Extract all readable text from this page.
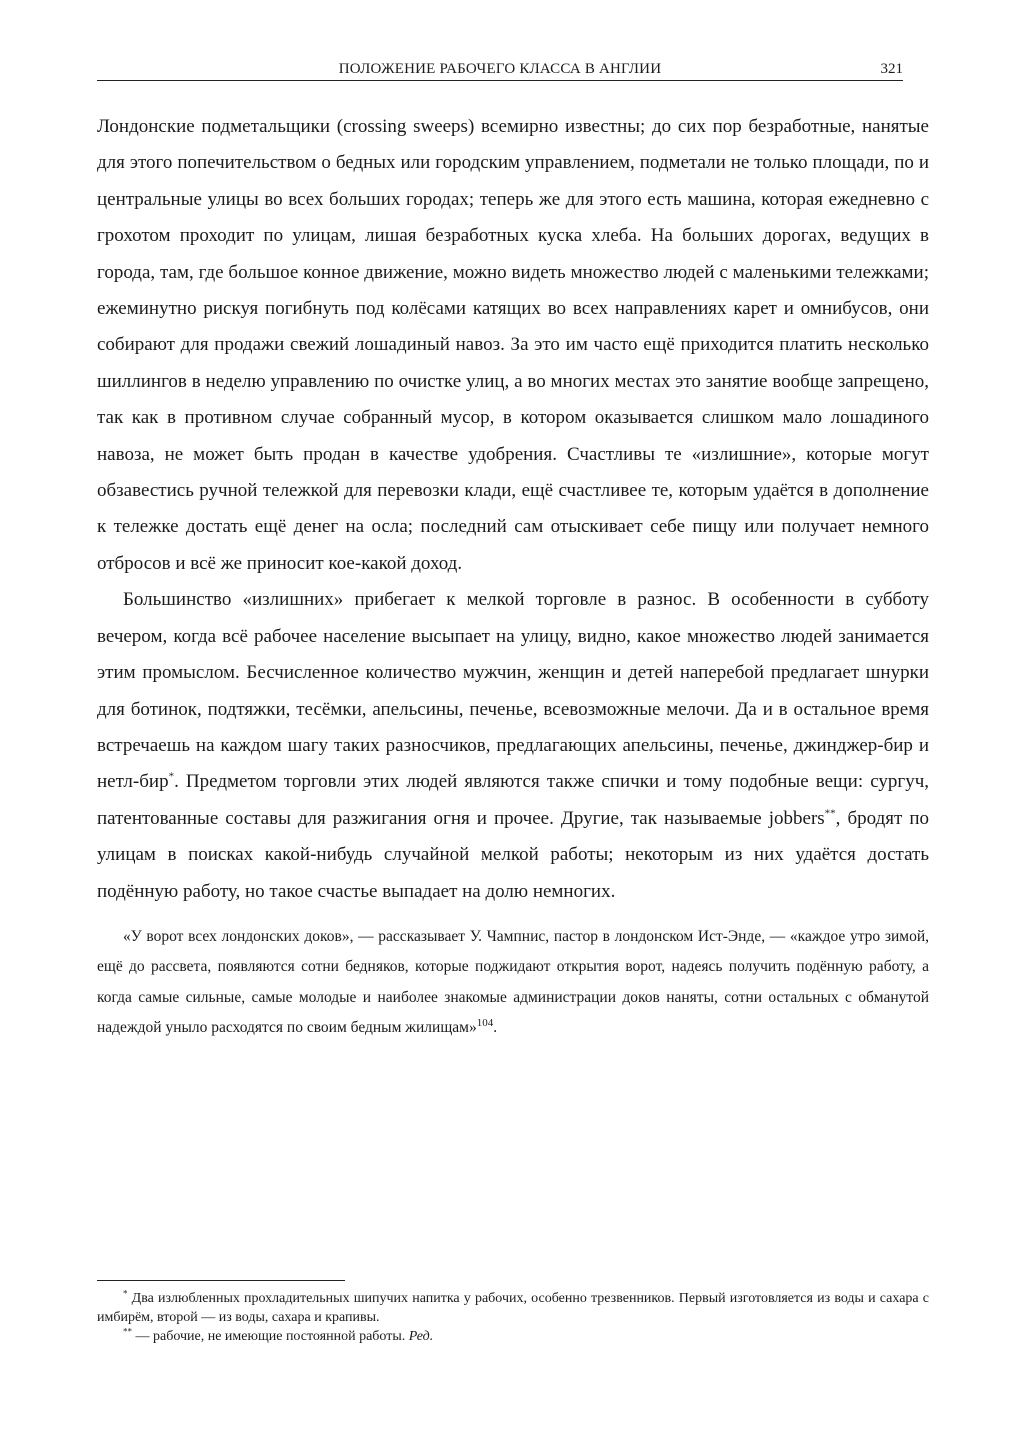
ПОЛОЖЕНИЕ РАБОЧЕГО КЛАССА В АНГЛИИ	321

Лондонские подметальщики (crossing sweeps) всемирно известны; до сих пор безработные, нанятые для этого попечительством о бедных или городским управлением, подметали не только площади, по и центральные улицы во всех больших городах; теперь же для этого есть машина, которая ежедневно с грохотом проходит по улицам, лишая безработных куска хлеба. На больших дорогах, ведущих в города, там, где большое конное движение, можно видеть множество людей с маленькими тележками; ежеминутно рискуя погибнуть под колёсами катящих во всех направлениях карет и омнибусов, они собирают для продажи свежий лошадиный навоз. За это им часто ещё приходится платить несколько шиллингов в неделю управлению по очистке улиц, а во многих местах это занятие вообще запрещено, так как в противном случае собранный мусор, в котором оказывается слишком мало лошадиного навоза, не может быть продан в качестве удобрения. Счастливы те «излишние», которые могут обзавестись ручной тележкой для перевозки клади, ещё счастливее те, которым удаётся в дополнение к тележке достать ещё денег на осла; последний сам отыскивает себе пищу или получает немного отбросов и всё же приносит кое-какой доход.

Большинство «излишних» прибегает к мелкой торговле в разнос. В особенности в субботу вечером, когда всё рабочее население высыпает на улицу, видно, какое множество людей занимается этим промыслом. Бесчисленное количество мужчин, женщин и детей наперебой предлагает шнурки для ботинок, подтяжки, тесёмки, апельсины, печенье, всевозможные мелочи. Да и в остальное время встречаешь на каждом шагу таких разносчиков, предлагающих апельсины, печенье, джинджер-бир и нетл-бир*. Предметом торговли этих людей являются также спички и тому подобные вещи: сургуч, патентованные составы для разжигания огня и прочее. Другие, так называемые jobbers**, бродят по улицам в поисках какой-нибудь случайной мелкой работы; некоторым из них удаётся достать подённую работу, но такое счастье выпадает на долю немногих.

«У ворот всех лондонских доков», — рассказывает У. Чампнис, пастор в лондонском Ист-Энде, — «каждое утро зимой, ещё до рассвета, появляются сотни бедняков, которые поджидают открытия ворот, надеясь получить подённую работу, а когда самые сильные, самые молодые и наиболее знакомые администрации доков наняты, сотни остальных с обманутой надеждой уныло расходятся по своим бедным жилищам»$^{104}$.

* Два излюбленных прохладительных шипучих напитка у рабочих, особенно трезвенников. Первый изготовляется из воды и сахара с имбирём, второй — из воды, сахара и крапивы.

** — рабочие, не имеющие постоянной работы. Ред.
